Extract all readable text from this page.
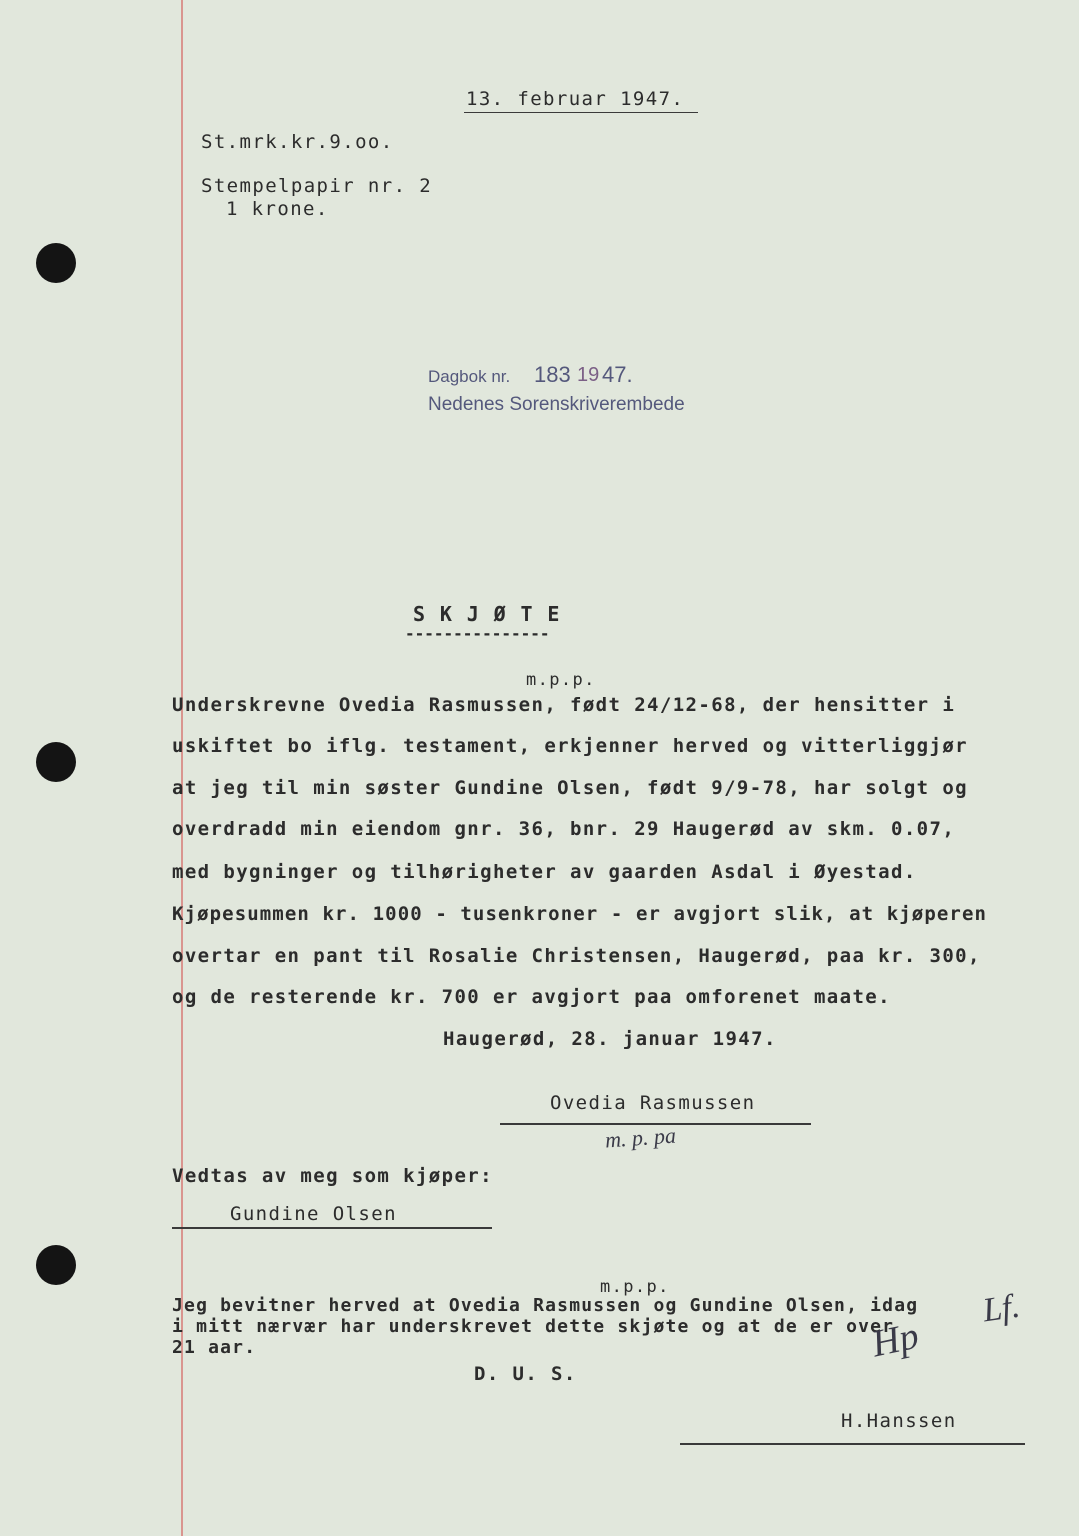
13. februar 1947.
St.mrk.kr.9.oo.
Stempelpapir nr. 2
1 krone.
Dagbok nr. 183 19 47.
Nedenes Sorenskriverembede
S K J Ø T E
---------------
m.p.p.
Underskrevne Ovedia Rasmussen, født 24/12-68, der hensitter i
uskiftet bo iflg. testament, erkjenner herved og vitterliggjør
at jeg til min søster Gundine Olsen, født 9/9-78, har solgt og
overdradd min eiendom gnr. 36, bnr. 29 Haugerød av skm. 0.07,
med bygninger og tilhørigheter av gaarden Asdal i Øyestad.
Kjøpesummen kr. 1000 - tusenkroner - er avgjort slik, at kjøperen
overtar en pant til Rosalie Christensen, Haugerød, paa kr. 300,
og de resterende kr. 700 er avgjort paa omforenet maate.
Haugerød, 28. januar 1947.
Ovedia Rasmussen
m. p. pa
Vedtas av meg som kjøper:
Gundine Olsen
m.p.p.
Jeg bevitner herved at Ovedia Rasmussen og Gundine Olsen, idag
i mitt nærvær har underskrevet dette skjøte og at de er over
21 aar.
D. U. S.
Lf.
Hp
H.Hanssen
